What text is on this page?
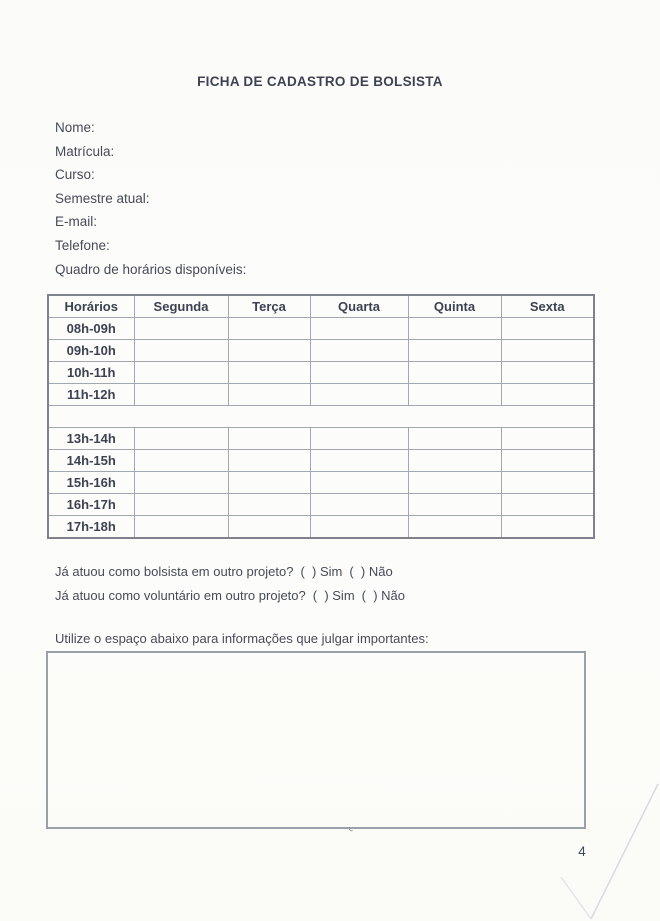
FICHA DE CADASTRO DE BOLSISTA
Nome:
Matrícula:
Curso:
Semestre atual:
E-mail:
Telefone:
Quadro de horários disponíveis:
Horários	Segunda	Terça	Quarta	Quinta	Sexta
08h-09h					
09h-10h					
10h-11h					
11h-12h					

13h-14h					
14h-15h					
15h-16h					
16h-17h					
17h-18h					
Já atuou como bolsista em outro projeto? (  ) Sim (  ) Não
Já atuou como voluntário em outro projeto? (  ) Sim (  ) Não
Utilize o espaço abaixo para informações que julgar importantes:
4
